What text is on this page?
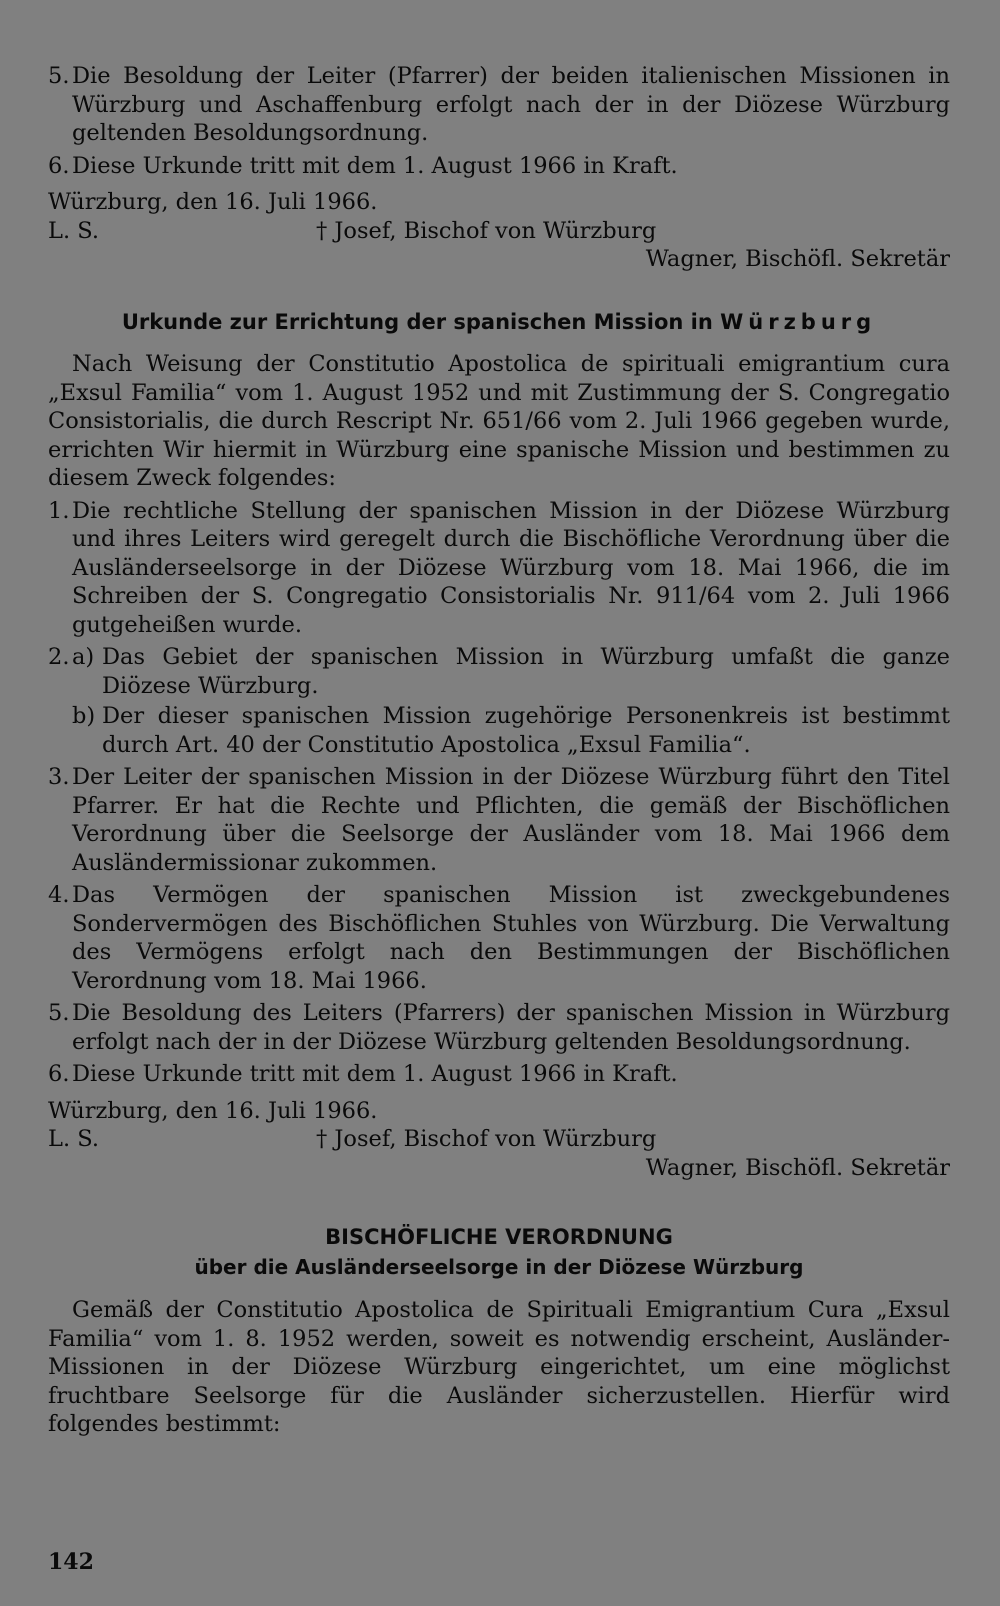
5. Die Besoldung der Leiter (Pfarrer) der beiden italienischen Missionen in Würzburg und Aschaffenburg erfolgt nach der in der Diözese Würzburg geltenden Besoldungsordnung.
6. Diese Urkunde tritt mit dem 1. August 1966 in Kraft.
Würzburg, den 16. Juli 1966.
L. S.	† Josef, Bischof von Würzburg
Wagner, Bischöfl. Sekretär
Urkunde zur Errichtung der spanischen Mission in Würzburg

Nach Weisung der Constitutio Apostolica de spirituali emigrantium cura „Exsul Familia“ vom 1. August 1952 und mit Zustimmung der S. Congregatio Consistorialis, die durch Rescript Nr. 651/66 vom 2. Juli 1966 gegeben wurde, errichten Wir hiermit in Würzburg eine spanische Mission und bestimmen zu diesem Zweck folgendes:

1. Die rechtliche Stellung der spanischen Mission in der Diözese Würzburg und ihres Leiters wird geregelt durch die Bischöfliche Verordnung über die Ausländerseelsorge in der Diözese Würzburg vom 18. Mai 1966, die im Schreiben der S. Congregatio Consistorialis Nr. 911/64 vom 2. Juli 1966 gutgeheißen wurde.
2. a) Das Gebiet der spanischen Mission in Würzburg umfaßt die ganze Diözese Würzburg.
b) Der dieser spanischen Mission zugehörige Personenkreis ist bestimmt durch Art. 40 der Constitutio Apostolica „Exsul Familia“.
3. Der Leiter der spanischen Mission in der Diözese Würzburg führt den Titel Pfarrer. Er hat die Rechte und Pflichten, die gemäß der Bischöflichen Verordnung über die Seelsorge der Ausländer vom 18. Mai 1966 dem Ausländermissionar zukommen.
4. Das Vermögen der spanischen Mission ist zweckgebundenes Sondervermögen des Bischöflichen Stuhles von Würzburg. Die Verwaltung des Vermögens erfolgt nach den Bestimmungen der Bischöflichen Verordnung vom 18. Mai 1966.
5. Die Besoldung des Leiters (Pfarrers) der spanischen Mission in Würzburg erfolgt nach der in der Diözese Würzburg geltenden Besoldungsordnung.
6. Diese Urkunde tritt mit dem 1. August 1966 in Kraft.
Würzburg, den 16. Juli 1966.
L. S.	† Josef, Bischof von Würzburg
Wagner, Bischöfl. Sekretär
BISCHÖFLICHE VERORDNUNG
über die Ausländerseelsorge in der Diözese Würzburg

Gemäß der Constitutio Apostolica de Spirituali Emigrantium Cura „Exsul Familia“ vom 1. 8. 1952 werden, soweit es notwendig erscheint, Ausländer-Missionen in der Diözese Würzburg eingerichtet, um eine möglichst fruchtbare Seelsorge für die Ausländer sicherzustellen. Hierfür wird folgendes bestimmt:

142
